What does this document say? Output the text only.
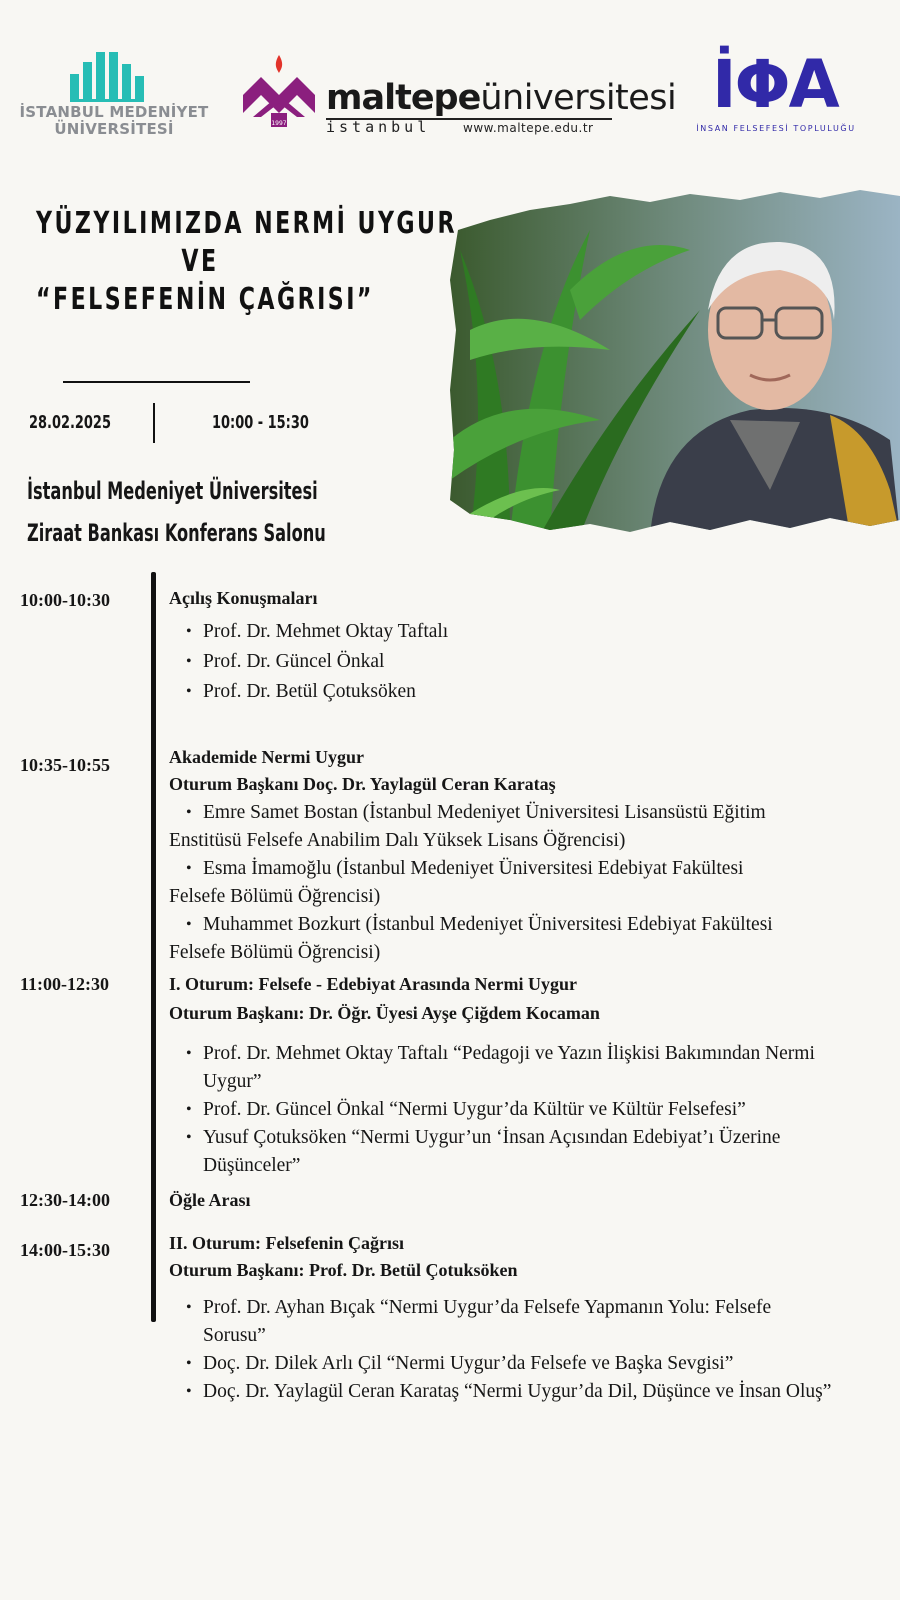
İSTANBUL MEDENİYET
ÜNİVERSİTESİ	1997
maltepeüniversitesi
istanbul	www.maltepe.edu.tr
İΦA
İNSAN FELSEFESİ TOPLULUĞU
YÜZYILIMIZDA NERMİ UYGUR
VE
“FELSEFENİN ÇAĞRISI”
28.02.2025	10:00 - 15:30
İstanbul Medeniyet Üniversitesi
Ziraat Bankası Konferans Salonu
10:00-10:30	Açılış Konuşmaları
• Prof. Dr. Mehmet Oktay Taftalı
• Prof. Dr. Güncel Önkal
• Prof. Dr. Betül Çotuksöken
10:35-10:55	Akademide Nermi Uygur
Oturum Başkanı Doç. Dr. Yaylagül Ceran Karataş

• Emre Samet Bostan (İstanbul Medeniyet Üniversitesi Lisansüstü Eğitim

Enstitüsü Felsefe Anabilim Dalı Yüksek Lisans Öğrencisi)

• Esma İmamoğlu (İstanbul Medeniyet Üniversitesi Edebiyat Fakültesi

Felsefe Bölümü Öğrencisi)

• Muhammet Bozkurt (İstanbul Medeniyet Üniversitesi Edebiyat Fakültesi

Felsefe Bölümü Öğrencisi)

11:00-12:30	I. Oturum: Felsefe - Edebiyat Arasında Nermi Uygur
Oturum Başkanı: Dr. Öğr. Üyesi Ayşe Çiğdem Kocaman

• Prof. Dr. Mehmet Oktay Taftalı “Pedagoji ve Yazın İlişkisi Bakımından Nermi

Uygur”

• Prof. Dr. Güncel Önkal “Nermi Uygur’da Kültür ve Kültür Felsefesi”

• Yusuf Çotuksöken “Nermi Uygur’un ‘İnsan Açısından Edebiyat’ı Üzerine

Düşünceler”

12:30-14:00	Öğle Arası
14:00-15:30	II. Oturum: Felsefenin Çağrısı
Oturum Başkanı: Prof. Dr. Betül Çotuksöken

• Prof. Dr. Ayhan Bıçak “Nermi Uygur’da Felsefe Yapmanın Yolu: Felsefe

Sorusu”

• Doç. Dr. Dilek Arlı Çil “Nermi Uygur’da Felsefe ve Başka Sevgisi”

• Doç. Dr. Yaylagül Ceran Karataş “Nermi Uygur’da Dil, Düşünce ve İnsan Oluş”
